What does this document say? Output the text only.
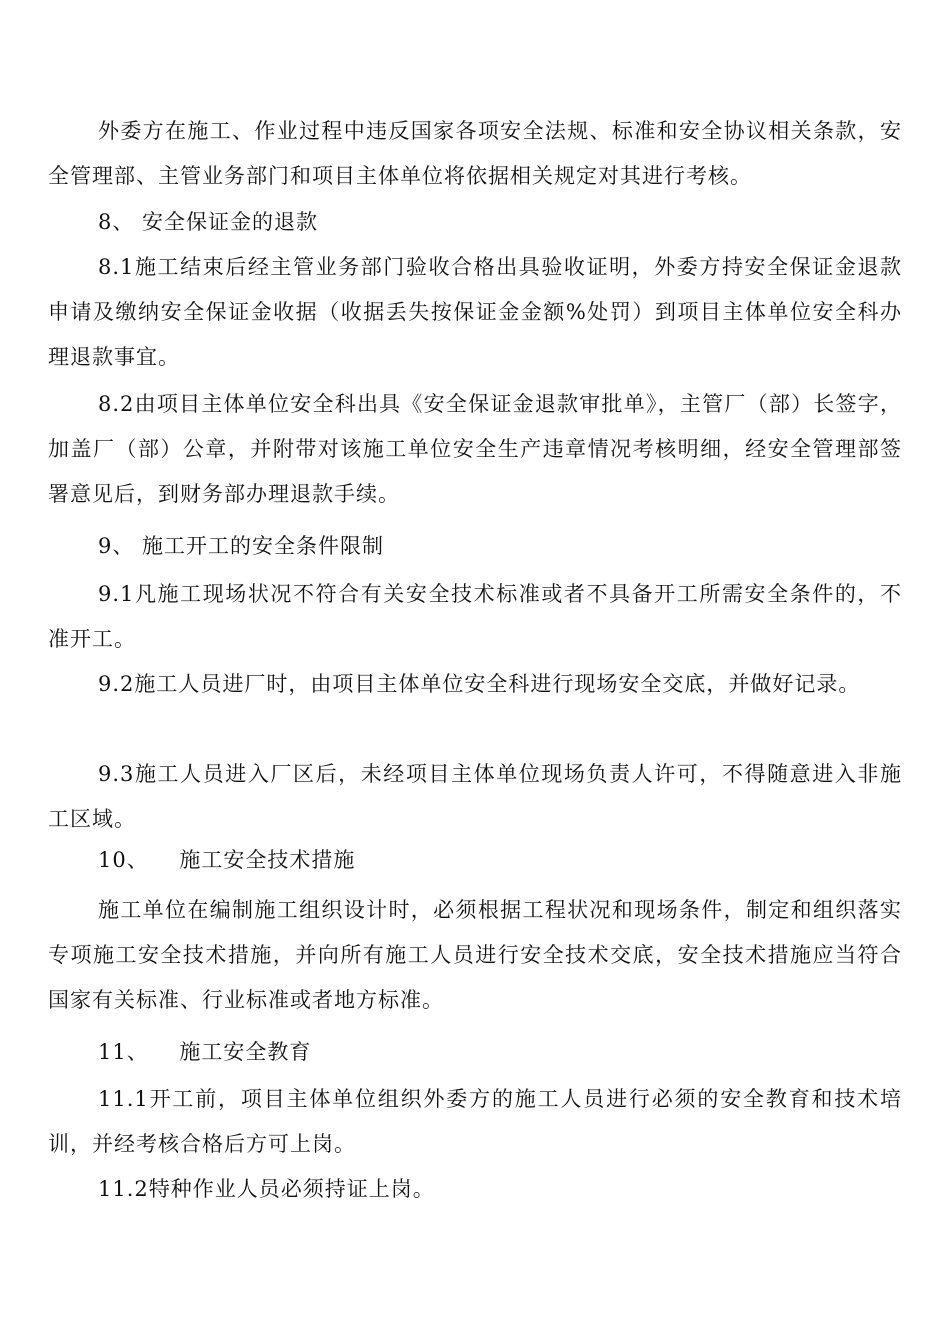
外委方在施工、作业过程中违反国家各项安全法规、标准和安全协议相关条款，安全管理部、主管业务部门和项目主体单位将依据相关规定对其进行考核。

8、 安全保证金的退款

8.1施工结束后经主管业务部门验收合格出具验收证明，外委方持安全保证金退款申请及缴纳安全保证金收据（收据丢失按保证金金额%处罚）到项目主体单位安全科办理退款事宜。

8.2由项目主体单位安全科出具《安全保证金退款审批单》，主管厂（部）长签字，加盖厂（部）公章，并附带对该施工单位安全生产违章情况考核明细，经安全管理部签署意见后，到财务部办理退款手续。

9、 施工开工的安全条件限制

9.1凡施工现场状况不符合有关安全技术标准或者不具备开工所需安全条件的，不准开工。

9.2施工人员进厂时，由项目主体单位安全科进行现场安全交底，并做好记录。

9.3施工人员进入厂区后，未经项目主体单位现场负责人许可，不得随意进入非施工区域。

10、    施工安全技术措施

施工单位在编制施工组织设计时，必须根据工程状况和现场条件，制定和组织落实专项施工安全技术措施，并向所有施工人员进行安全技术交底，安全技术措施应当符合国家有关标准、行业标准或者地方标准。

11、    施工安全教育

11.1开工前，项目主体单位组织外委方的施工人员进行必须的安全教育和技术培训，并经考核合格后方可上岗。

11.2特种作业人员必须持证上岗。
